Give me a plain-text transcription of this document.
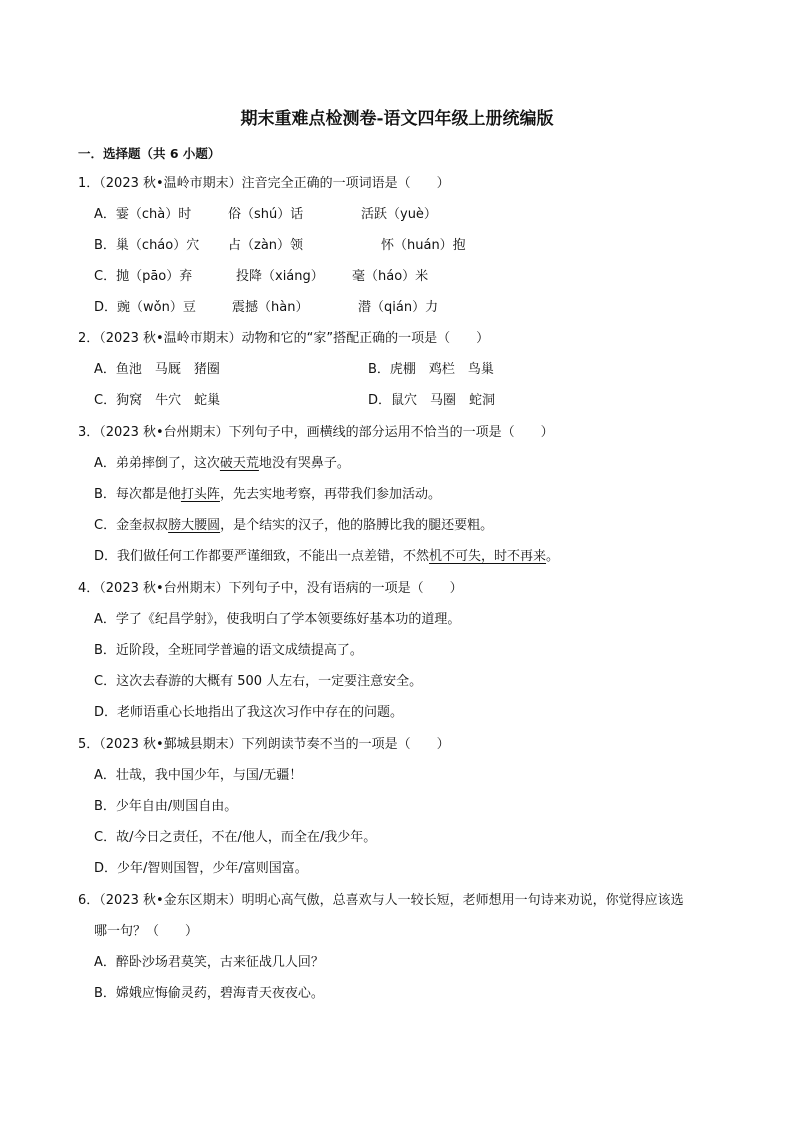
期末重难点检测卷-语文四年级上册统编版
一．选择题（共 6 小题）
1．（2023 秋•温岭市期末）注音完全正确的一项词语是（　　）
A．霎（chà）时	俗（shú）话	活跃（yuè）
B．巢（cháo）穴 占（zàn）领	怀（huán）抱
C．抛（pāo）弃	投降（xiáng） 毫（háo）米
D．豌（wǒn）豆	震撼（hàn）	潜（qián）力
2．（2023 秋•温岭市期末）动物和它的“家”搭配正确的一项是（　　）
A．鱼池　马厩　猪圈	B．虎棚　鸡栏　鸟巢
C．狗窝　牛穴　蛇巢	D．鼠穴　马圈　蛇洞
3．（2023 秋•台州期末）下列句子中，画横线的部分运用不恰当的一项是（　　）
A．弟弟摔倒了，这次破天荒地没有哭鼻子。
B．每次都是他打头阵，先去实地考察，再带我们参加活动。
C．金奎叔叔膀大腰圆，是个结实的汉子，他的胳膊比我的腿还要粗。
D．我们做任何工作都要严谨细致，不能出一点差错，不然机不可失，时不再来。
4．（2023 秋•台州期末）下列句子中，没有语病的一项是（　　）
A．学了《纪昌学射》，使我明白了学本领要练好基本功的道理。
B．近阶段，全班同学普遍的语文成绩提高了。
C．这次去春游的大概有 500 人左右，一定要注意安全。
D．老师语重心长地指出了我这次习作中存在的问题。
5．（2023 秋•鄞城县期末）下列朗读节奏不当的一项是（　　）
A．壮哉，我中国少年，与国/无疆！
B．少年自由/则国自由。
C．故/今日之责任，不在/他人，而全在/我少年。
D．少年/智则国智，少年/富则国富。
6．（2023 秋•金东区期末）明明心高气傲，总喜欢与人一较长短，老师想用一句诗来劝说，你觉得应该选
哪一句？（　　）
A．醉卧沙场君莫笑，古来征战几人回？
B．嫦娥应悔偷灵药，碧海青天夜夜心。
